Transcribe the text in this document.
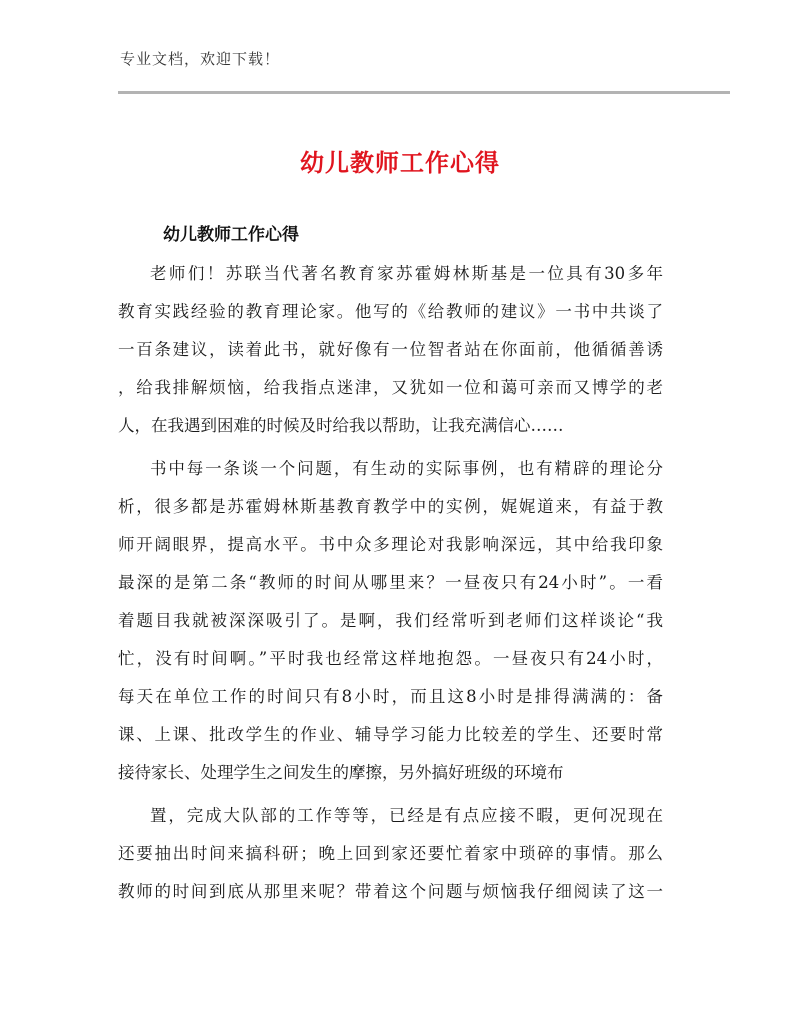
专业文档，欢迎下载！
幼儿教师工作心得
幼儿教师工作心得
老师们！苏联当代著名教育家苏霍姆林斯基是一位具有30多年
教育实践经验的教育理论家。他写的《给教师的建议》一书中共谈了
一百条建议，读着此书，就好像有一位智者站在你面前，他循循善诱
，给我排解烦恼，给我指点迷津，又犹如一位和蔼可亲而又博学的老
人，在我遇到困难的时候及时给我以帮助，让我充满信心……
书中每一条谈一个问题，有生动的实际事例，也有精辟的理论分
析，很多都是苏霍姆林斯基教育教学中的实例，娓娓道来，有益于教
师开阔眼界，提高水平。书中众多理论对我影响深远，其中给我印象
最深的是第二条“教师的时间从哪里来？一昼夜只有24小时”。一看
着题目我就被深深吸引了。是啊，我们经常听到老师们这样谈论“我
忙，没有时间啊。”平时我也经常这样地抱怨。一昼夜只有24小时，
每天在单位工作的时间只有8小时，而且这8小时是排得满满的：备
课、上课、批改学生的作业、辅导学习能力比较差的学生、还要时常
接待家长、处理学生之间发生的摩擦，另外搞好班级的环境布
置，完成大队部的工作等等，已经是有点应接不暇，更何况现在
还要抽出时间来搞科研；晚上回到家还要忙着家中琐碎的事情。那么
教师的时间到底从那里来呢？带着这个问题与烦恼我仔细阅读了这一
